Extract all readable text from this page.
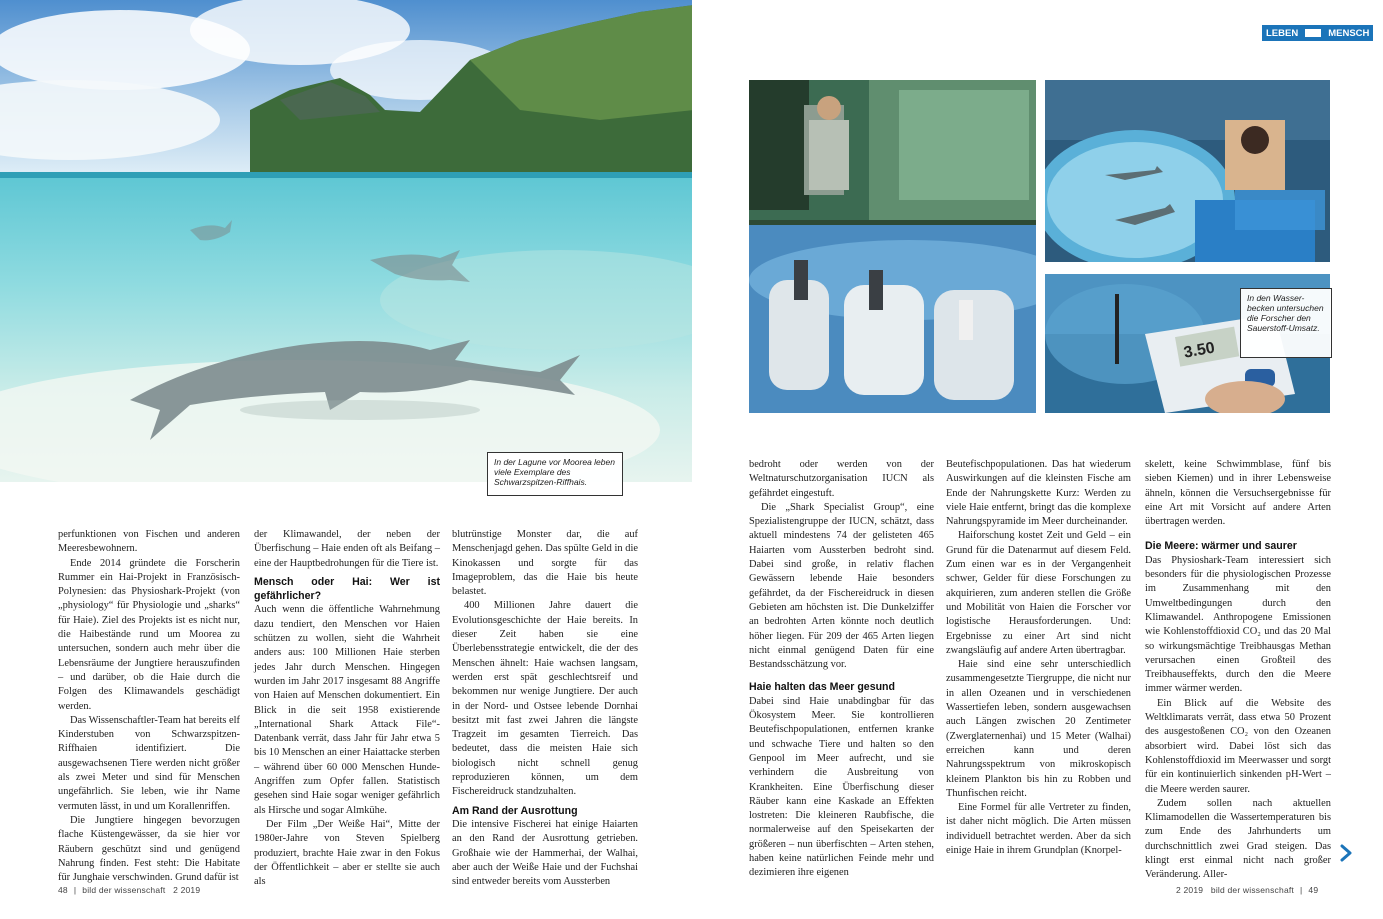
In der Lagune vor Moorea leben viele Exemplare des Schwarzspitzen-Riffhais.

perfunktionen von Fischen und anderen Meeresbewohnern.

Ende 2014 gründete die Forscherin Rummer ein Hai-Projekt in Französisch-Polynesien: das Physioshark-Projekt (von „physiology“ für Physiologie und „sharks“ für Haie). Ziel des Projekts ist es nicht nur, die Haibestände rund um Moorea zu untersuchen, sondern auch mehr über die Lebensräume der Jungtiere herauszufinden – und darüber, ob die Haie durch die Folgen des Klimawandels geschädigt werden.

Das Wissenschaftler-Team hat bereits elf Kinderstuben von Schwarzspitzen-Riffhaien identifiziert. Die ausgewachsenen Tiere werden nicht größer als zwei Meter und sind für Menschen ungefährlich. Sie leben, wie ihr Name vermuten lässt, in und um Korallenriffen.

Die Jungtiere hingegen bevorzugen flache Küstengewässer, da sie hier vor Räubern geschützt sind und genügend Nahrung finden. Fest steht: Die Habitate für Junghaie verschwinden. Grund dafür ist

der Klimawandel, der neben der Überfischung – Haie enden oft als Beifang – eine der Hauptbedrohungen für die Tiere ist.

Mensch oder Hai: Wer ist gefährlicher?

Auch wenn die öffentliche Wahrnehmung dazu tendiert, den Menschen vor Haien schützen zu wollen, sieht die Wahrheit anders aus: 100 Millionen Haie sterben jedes Jahr durch Menschen. Hingegen wurden im Jahr 2017 insgesamt 88 Angriffe von Haien auf Menschen dokumentiert. Ein Blick in die seit 1958 existierende „International Shark Attack File“-Datenbank verrät, dass Jahr für Jahr etwa 5 bis 10 Menschen an einer Haiattacke sterben – während über 60 000 Menschen Hunde-Angriffen zum Opfer fallen. Statistisch gesehen sind Haie sogar weniger gefährlich als Hirsche und sogar Almkühe.

Der Film „Der Weiße Hai“, Mitte der 1980er-Jahre von Steven Spielberg produziert, brachte Haie zwar in den Fokus der Öffentlichkeit – aber er stellte sie auch als

blutrünstige Monster dar, die auf Menschenjagd gehen. Das spülte Geld in die Kinokassen und sorgte für das Imageproblem, das die Haie bis heute belastet.

400 Millionen Jahre dauert die Evolutionsgeschichte der Haie bereits. In dieser Zeit haben sie eine Überlebensstrategie entwickelt, die der des Menschen ähnelt: Haie wachsen langsam, werden erst spät geschlechtsreif und bekommen nur wenige Jungtiere. Der auch in der Nord- und Ostsee lebende Dornhai besitzt mit fast zwei Jahren die längste Tragzeit im gesamten Tierreich. Das bedeutet, dass die meisten Haie sich biologisch nicht schnell genug reproduzieren können, um dem Fischereidruck standzuhalten.

Am Rand der Ausrottung

Die intensive Fischerei hat einige Haiarten an den Rand der Ausrottung getrieben. Großhaie wie der Hammerhai, der Walhai, aber auch der Weiße Haie und der Fuchshai sind entweder bereits vom Aussterben

48 | bild der wissenschaft 2 2019
LEBEN	MENSCH
3.50
In den Wasser-becken untersuchen die Forscher den Sauerstoff-Umsatz.

bedroht oder werden von der Weltnaturschutzorganisation IUCN als gefährdet eingestuft.

Die „Shark Specialist Group“, eine Spezialistengruppe der IUCN, schätzt, dass aktuell mindestens 74 der gelisteten 465 Haiarten vom Aussterben bedroht sind. Dabei sind große, in relativ flachen Gewässern lebende Haie besonders gefährdet, da der Fischereidruck in diesen Gebieten am höchsten ist. Die Dunkelziffer an bedrohten Arten könnte noch deutlich höher liegen. Für 209 der 465 Arten liegen nicht einmal genügend Daten für eine Bestandsschätzung vor.

Haie halten das Meer gesund

Dabei sind Haie unabdingbar für das Ökosystem Meer. Sie kontrollieren Beutefischpopulationen, entfernen kranke und schwache Tiere und halten so den Genpool im Meer aufrecht, und sie verhindern die Ausbreitung von Krankheiten. Eine Überfischung dieser Räuber kann eine Kaskade an Effekten lostreten: Die kleineren Raubfische, die normalerweise auf den Speisekarten der größeren – nun überfischten – Arten stehen, haben keine natürlichen Feinde mehr und dezimieren ihre eigenen

Beutefischpopulationen. Das hat wiederum Auswirkungen auf die kleinsten Fische am Ende der Nahrungskette Kurz: Werden zu viele Haie entfernt, bringt das die komplexe Nahrungspyramide im Meer durcheinander.

Haiforschung kostet Zeit und Geld – ein Grund für die Datenarmut auf diesem Feld. Zum einen war es in der Vergangenheit schwer, Gelder für diese Forschungen zu akquirieren, zum anderen stellen die Größe und Mobilität von Haien die Forscher vor logistische Herausforderungen. Und: Ergebnisse zu einer Art sind nicht zwangsläufig auf andere Arten übertragbar.

Haie sind eine sehr unterschiedlich zusammengesetzte Tiergruppe, die nicht nur in allen Ozeanen und in verschiedenen Wassertiefen leben, sondern ausgewachsen auch Längen zwischen 20 Zentimeter (Zwerglaternenhai) und 15 Meter (Walhai) erreichen kann und deren Nahrungsspektrum von mikroskopisch kleinem Plankton bis hin zu Robben und Thunfischen reicht.

Eine Formel für alle Vertreter zu finden, ist daher nicht möglich. Die Arten müssen individuell betrachtet werden. Aber da sich einige Haie in ihrem Grundplan (Knorpel-

skelett, keine Schwimmblase, fünf bis sieben Kiemen) und in ihrer Lebensweise ähneln, können die Versuchsergebnisse für eine Art mit Vorsicht auf andere Arten übertragen werden.

Die Meere: wärmer und saurer

Das Physioshark-Team interessiert sich besonders für die physiologischen Prozesse im Zusammenhang mit den Umweltbedingungen durch den Klimawandel. Anthropogene Emissionen wie Kohlenstoffdioxid CO₂ und das 20 Mal so wirkungsmächtige Treibhausgas Methan verursachen einen Großteil des Treibhauseffekts, durch den die Meere immer wärmer werden.

Ein Blick auf die Website des Weltklimarats verrät, dass etwa 50 Prozent des ausgestoßenen CO₂ von den Ozeanen absorbiert wird. Dabei löst sich das Kohlenstoffdioxid im Meerwasser und sorgt für ein kontinuierlich sinkenden pH-Wert – die Meere werden saurer.

Zudem sollen nach aktuellen Klimamodellen die Wassertemperaturen bis zum Ende des Jahrhunderts um durchschnittlich zwei Grad steigen. Das klingt erst einmal nicht nach großer Veränderung. Aller-

2 2019 bild der wissenschaft | 49
